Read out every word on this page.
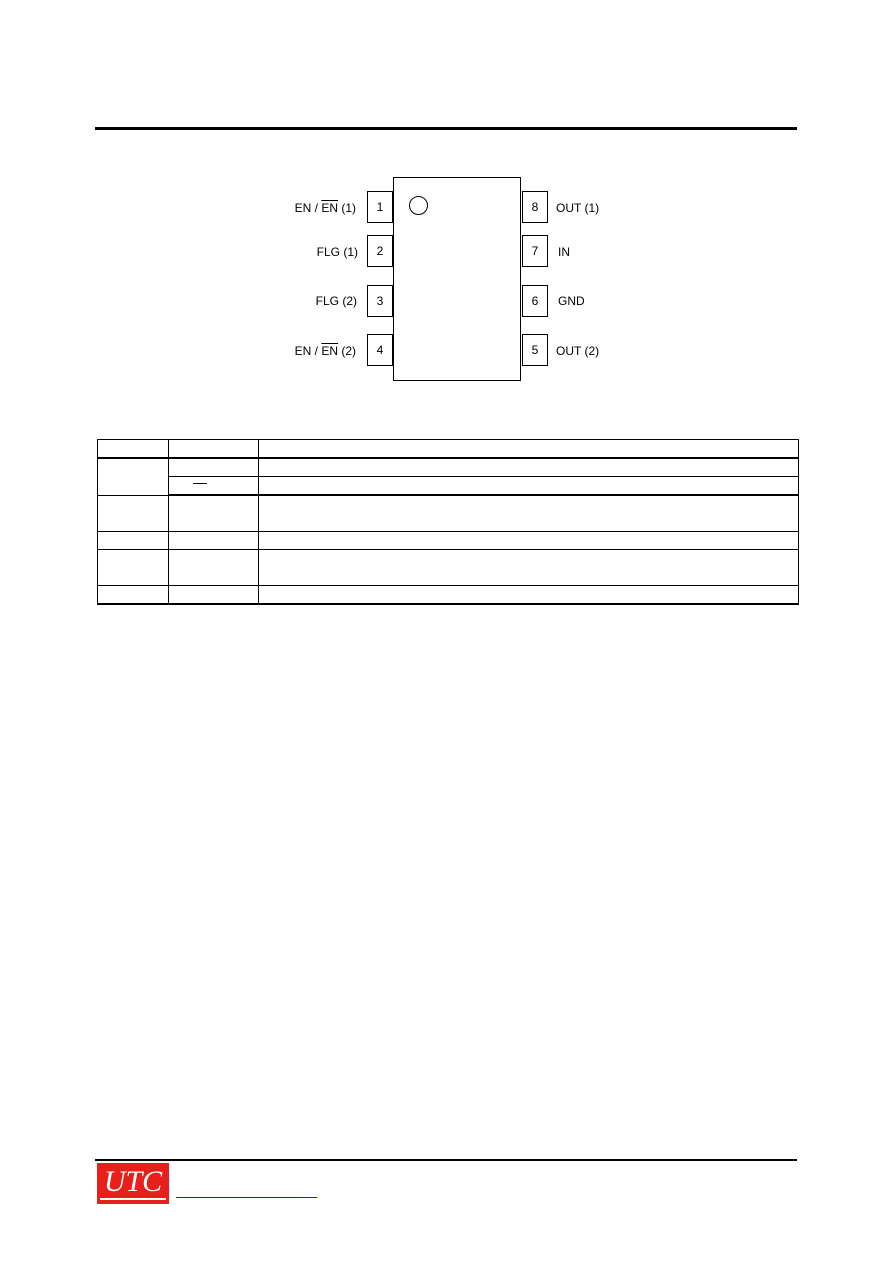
1
EN / $\overline{EN}$ (1)
2
FLG (1)
3
FLG (2)
4
EN / $\overline{EN}$ (2)
8 OUT (1)
7 IN
6 GND
5 OUT (2)

UTC
